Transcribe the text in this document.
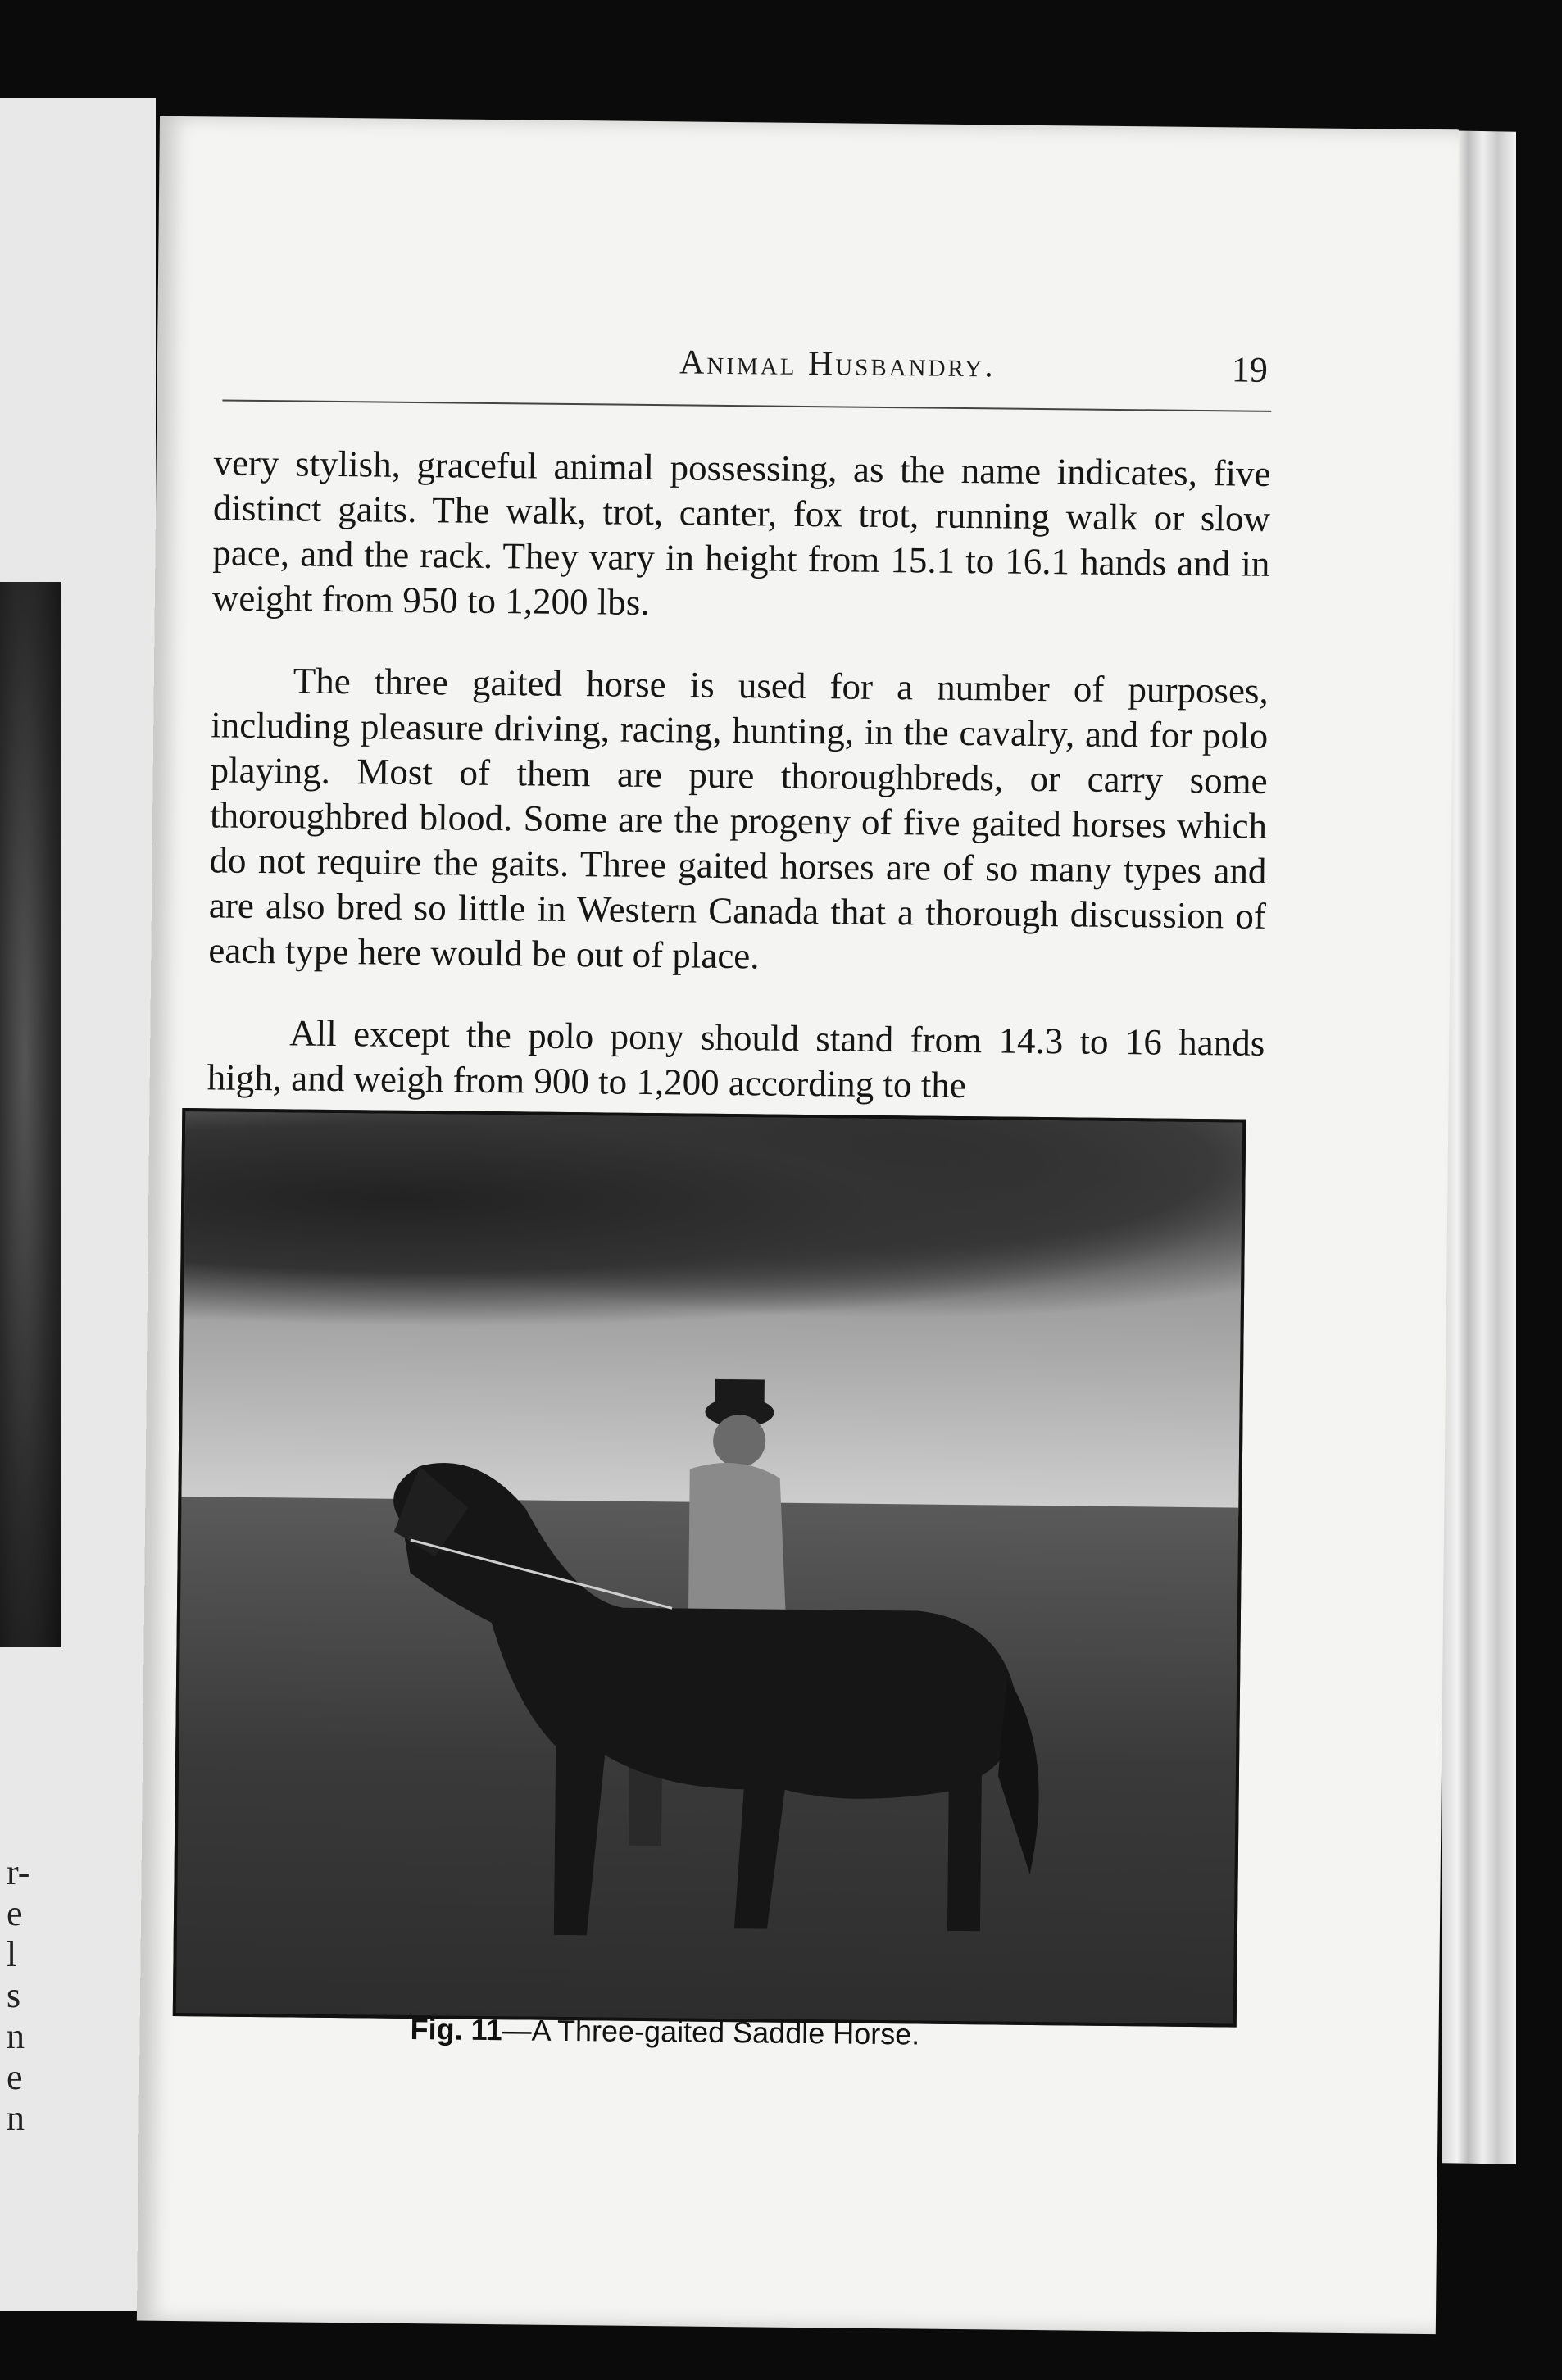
r-
e
l
s
n
e
n
Animal Husbandry.	19

very stylish, graceful animal possessing, as the name indicates, five distinct gaits. The walk, trot, canter, fox trot, running walk or slow pace, and the rack. They vary in height from 15.1 to 16.1 hands and in weight from 950 to 1,200 lbs.

The three gaited horse is used for a number of purposes, including pleasure driving, racing, hunting, in the cavalry, and for polo playing. Most of them are pure thoroughbreds, or carry some thoroughbred blood. Some are the progeny of five gaited horses which do not require the gaits. Three gaited horses are of so many types and are also bred so little in Western Canada that a thorough discussion of each type here would be out of place.

All except the polo pony should stand from 14.3 to 16 hands high, and weigh from 900 to 1,200 according to the

Fig. 11—A Three-gaited Saddle Horse.
